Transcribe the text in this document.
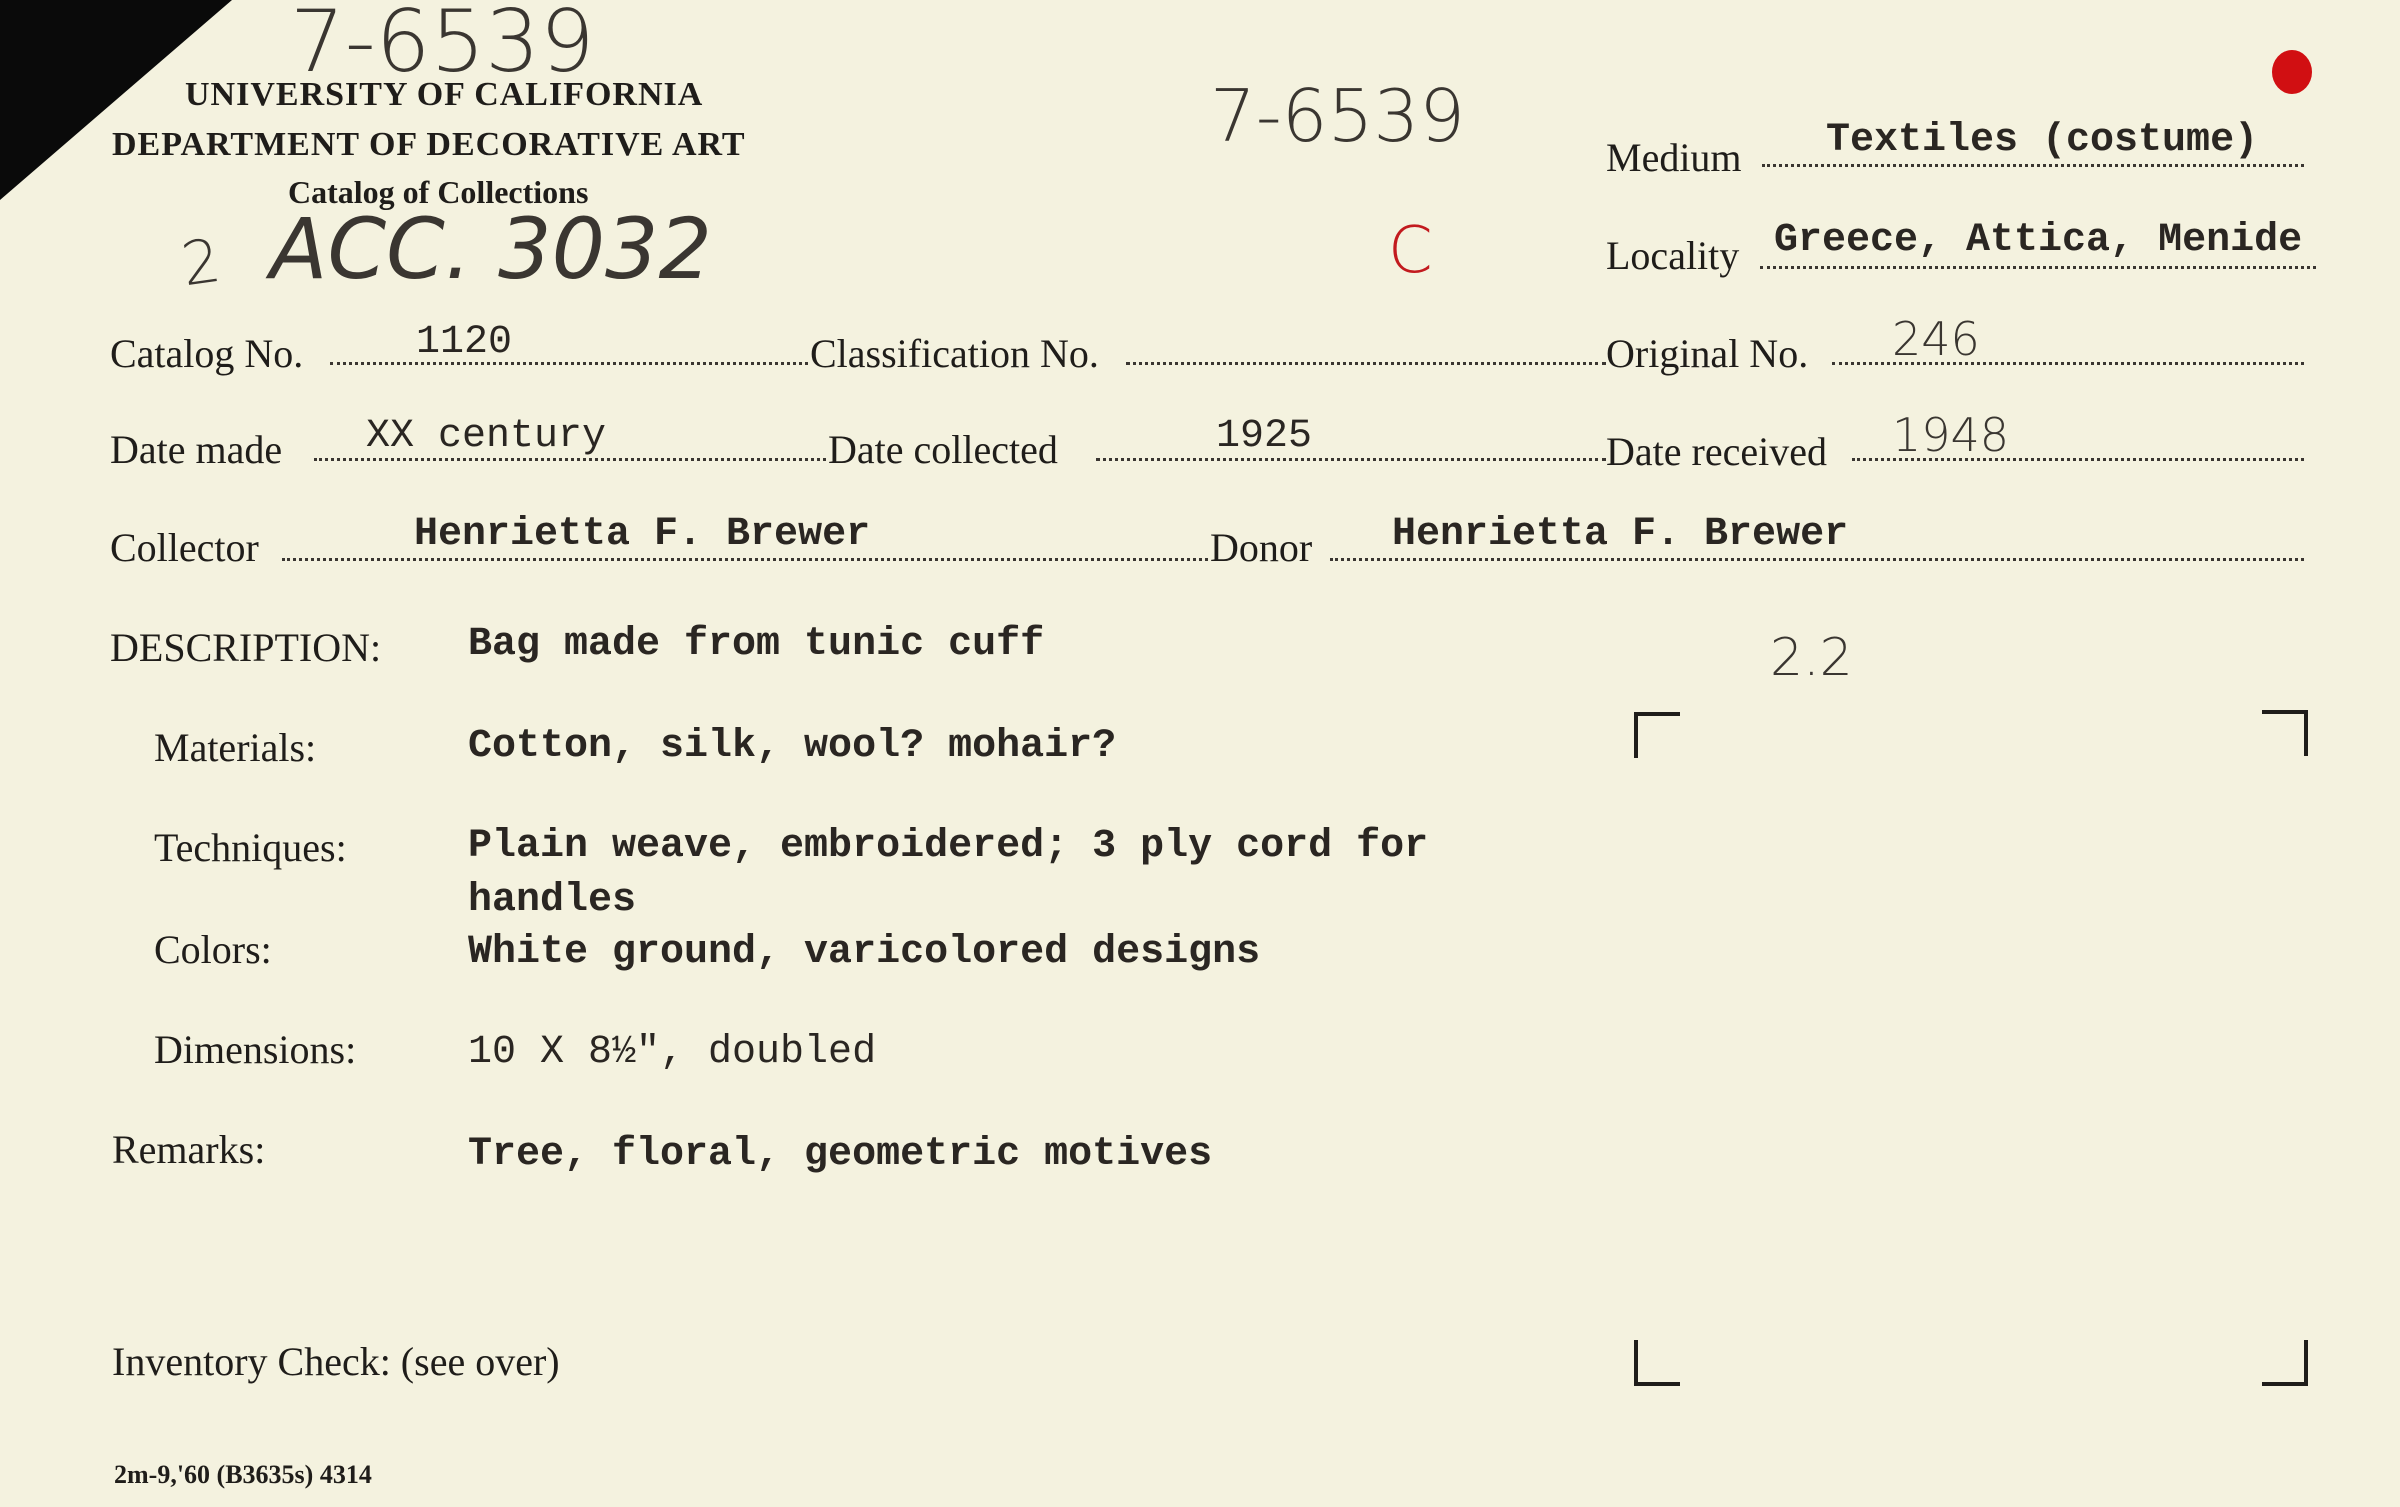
7-6539
UNIVERSITY OF CALIFORNIA
DEPARTMENT OF DECORATIVE ART
Catalog of Collections
2 ACC. 3032
7-6539
C
Medium Textiles (costume)
Locality Greece, Attica, Menide
Catalog No.	1120	Classification No.	Original No. 246
Date made XX century	Date collected	1925	Date received 1948
Collector	Henrietta F. Brewer	Donor Henrietta F. Brewer
DESCRIPTION: Bag made from tunic cuff
Materials:	Cotton, silk, wool? mohair?
Techniques:	Plain weave, embroidered; 3 ply cord for
handles
Colors:	White ground, varicolored designs
Dimensions:	10 X 8½", doubled
Remarks:	Tree, floral, geometric motives
2.2
Inventory Check: (see over)
2m-9,'60 (B3635s) 4314
